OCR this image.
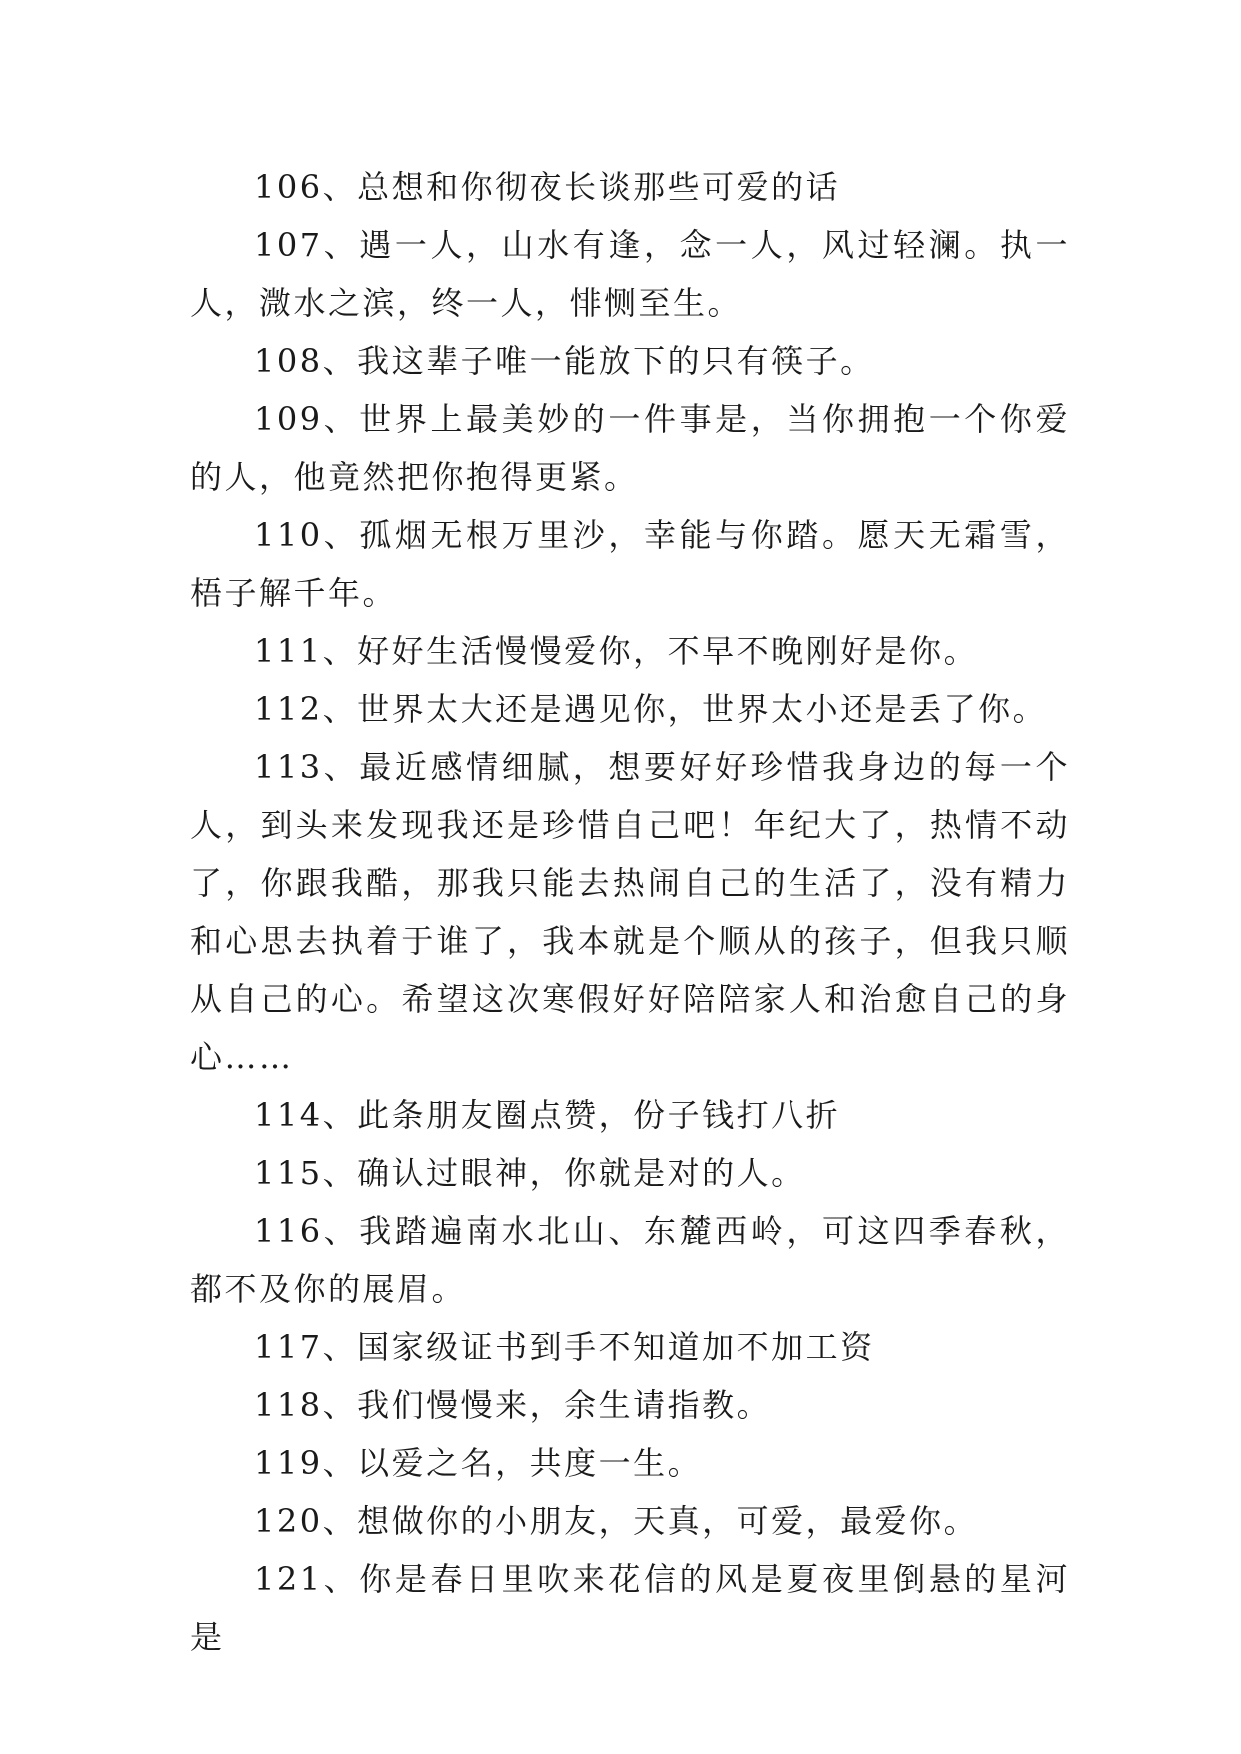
106、总想和你彻夜长谈那些可爱的话

107、遇一人，山水有逢，念一人，风过轻澜。执一人，溦水之滨，终一人，悱恻至生。

108、我这辈子唯一能放下的只有筷子。

109、世界上最美妙的一件事是，当你拥抱一个你爱的人，他竟然把你抱得更紧。

110、孤烟无根万里沙，幸能与你踏。愿天无霜雪，梧子解千年。

111、好好生活慢慢爱你，不早不晚刚好是你。

112、世界太大还是遇见你，世界太小还是丢了你。

113、最近感情细腻，想要好好珍惜我身边的每一个人，到头来发现我还是珍惜自己吧！年纪大了，热情不动了，你跟我酷，那我只能去热闹自己的生活了，没有精力和心思去执着于谁了，我本就是个顺从的孩子，但我只顺从自己的心。希望这次寒假好好陪陪家人和治愈自己的身心……

114、此条朋友圈点赞，份子钱打八折

115、确认过眼神，你就是对的人。

116、我踏遍南水北山、东麓西岭，可这四季春秋，都不及你的展眉。

117、国家级证书到手不知道加不加工资

118、我们慢慢来，余生请指教。

119、以爱之名，共度一生。

120、想做你的小朋友，天真，可爱，最爱你。

121、你是春日里吹来花信的风是夏夜里倒悬的星河是
